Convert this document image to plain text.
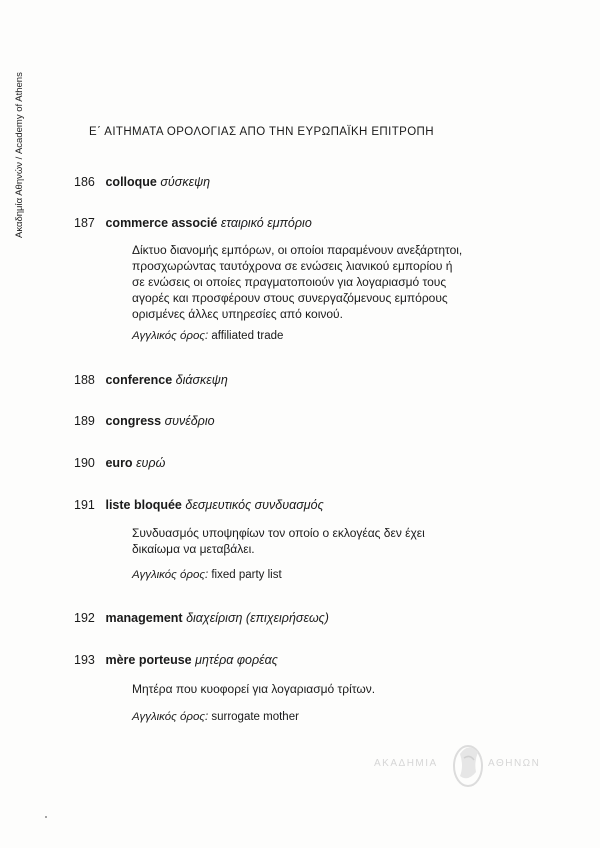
Ακαδημία Αθηνών / Academy of Athens	Ε΄ ΑΙΤΗΜΑΤΑ ΟΡΟΛΟΓΙΑΣ ΑΠΟ ΤΗΝ ΕΥΡΩΠΑΪΚΗ ΕΠΙΤΡΟΠΗ
186 colloque σύσκεψη
187 commerce associé εταιρικό εμπόριο
Δίκτυο διανομής εμπόρων, οι οποίοι παραμένουν ανεξάρτητοι,
προσχωρώντας ταυτόχρονα σε ενώσεις λιανικού εμπορίου ή
σε ενώσεις οι οποίες πραγματοποιούν για λογαριασμό τους
αγορές και προσφέρουν στους συνεργαζόμενους εμπόρους
ορισμένες άλλες υπηρεσίες από κοινού.
Αγγλικός όρος: affiliated trade
188 conference διάσκεψη
189 congress συνέδριο
190 euro ευρώ
191 liste bloquée δεσμευτικός συνδυασμός
Συνδυασμός υποψηφίων τον οποίο ο εκλογέας δεν έχει
δικαίωμα να μεταβάλει.
Αγγλικός όρος: fixed party list
192 management διαχείριση (επιχειρήσεως)
193 mère porteuse μητέρα φορέας
Μητέρα που κυοφορεί για λογαριασμό τρίτων.
Αγγλικός όρος: surrogate mother
ΑΚΑΔΗΜΙΑ	ΑΘΗΝΩΝ
